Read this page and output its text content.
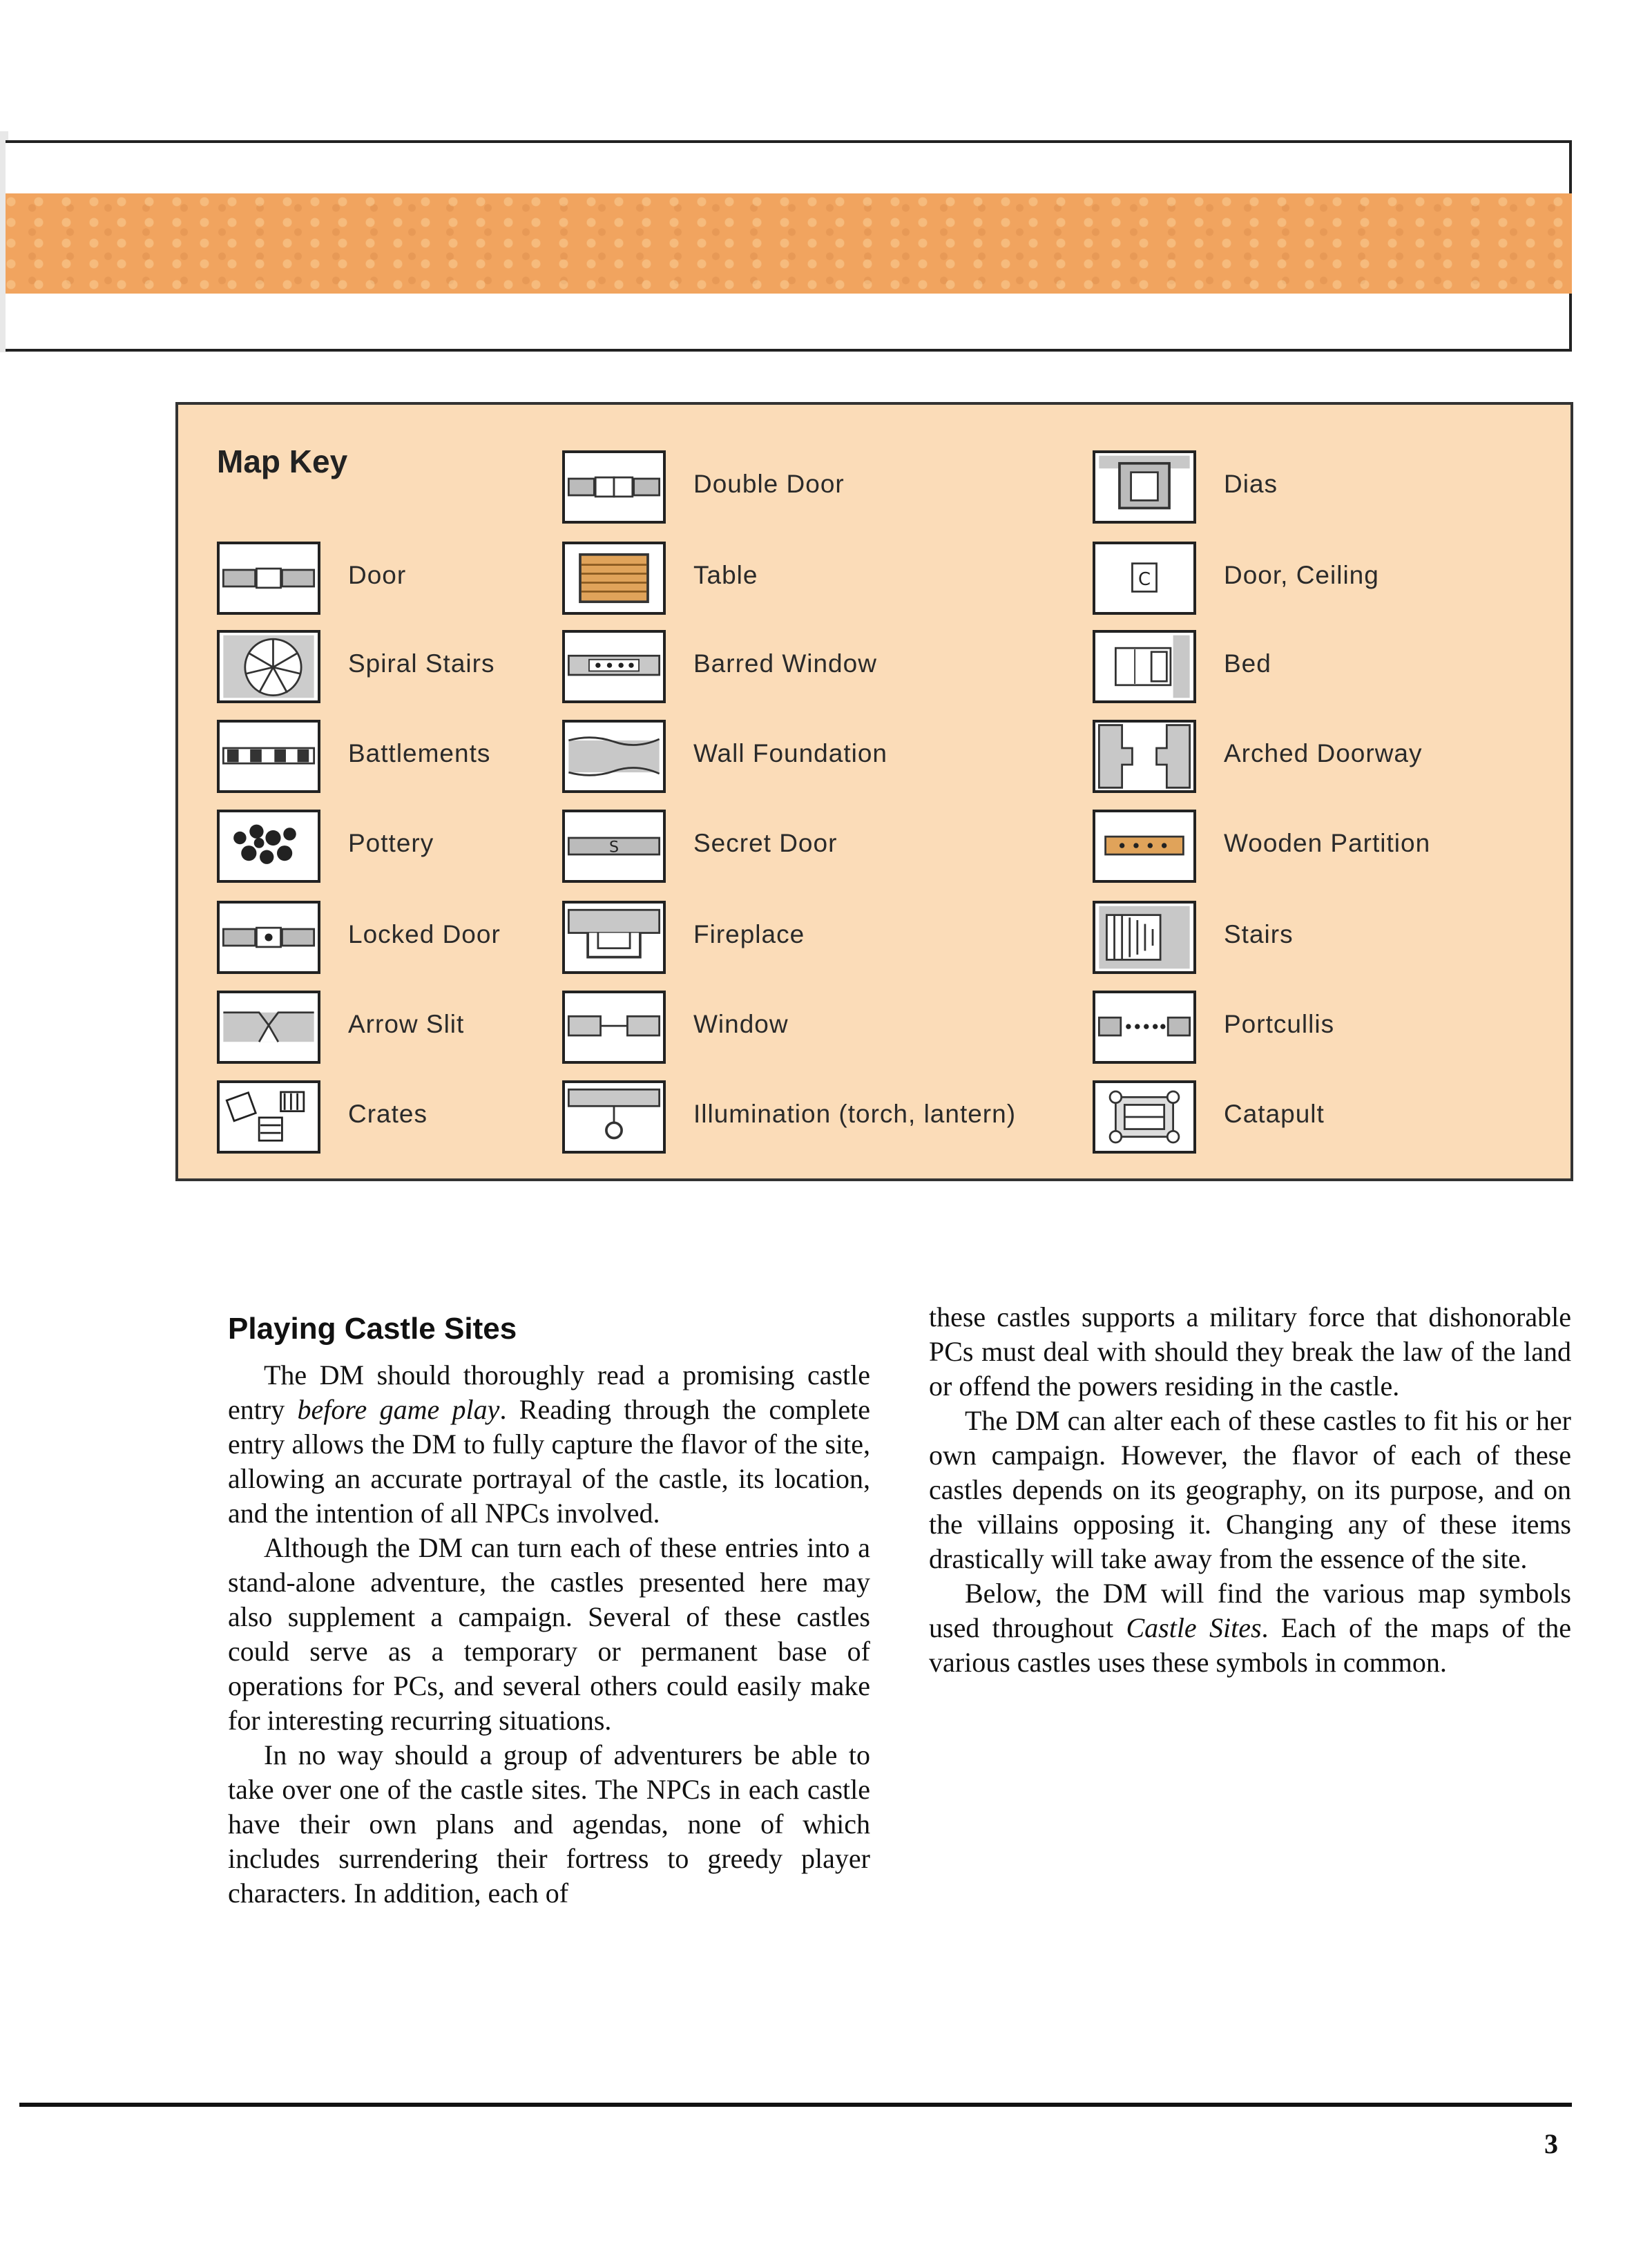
Map Key
Door
Spiral Stairs
Battlements
Pottery
Locked Door
Arrow Slit
Crates
Double Door
Table
Barred Window
Wall Foundation
S	Secret Door
Fireplace
Window
Illumination (torch, lantern)
Dias
C	Door, Ceiling
Bed
Arched Doorway
Wooden Partition
Stairs
Portcullis
Catapult
Playing Castle Sites

The DM should thoroughly read a promising castle entry before game play. Reading through the complete entry allows the DM to fully capture the flavor of the site, allowing an accurate portrayal of the castle, its location, and the intention of all NPCs involved.

Although the DM can turn each of these entries into a stand-alone adventure, the castles presented here may also supplement a campaign. Several of these castles could serve as a temporary or permanent base of operations for PCs, and several others could easily make for interesting recurring situations.

In no way should a group of adventurers be able to take over one of the castle sites. The NPCs in each castle have their own plans and agendas, none of which includes surrendering their fortress to greedy player characters. In addition, each of

these castles supports a military force that dishonorable PCs must deal with should they break the law of the land or offend the powers residing in the castle.

The DM can alter each of these castles to fit his or her own campaign. However, the flavor of each of these castles depends on its geography, on its purpose, and on the villains opposing it. Changing any of these items drastically will take away from the essence of the site.

Below, the DM will find the various map symbols used throughout Castle Sites. Each of the maps of the various castles uses these symbols in common.

3
